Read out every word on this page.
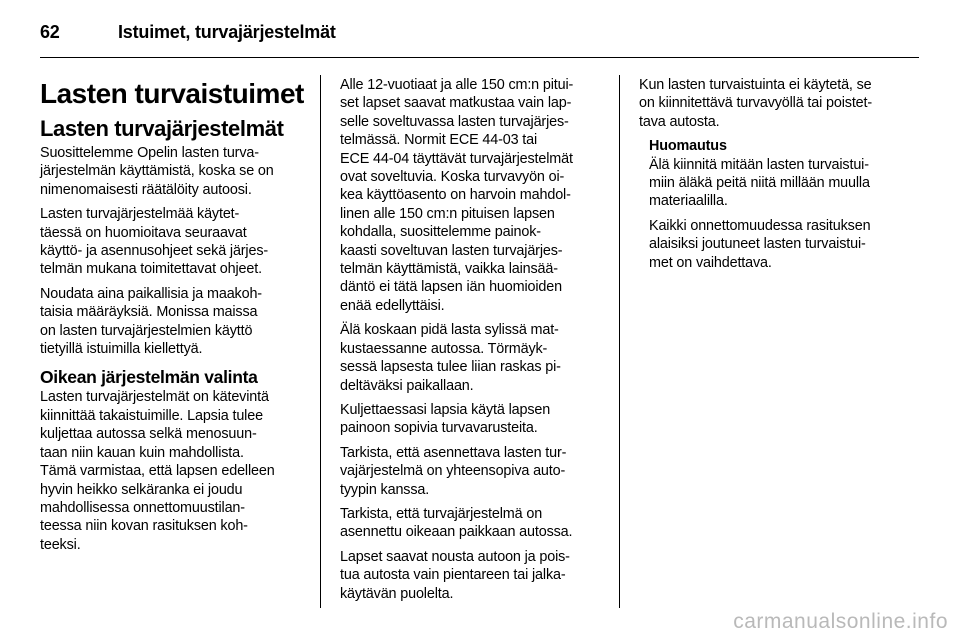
62	Istuimet, turvajärjestelmät
Lasten turvaistuimet
Lasten turvajärjestelmät

Suosittelemme Opelin lasten turva-
järjestelmän käyttämistä, koska se on
nimenomaisesti räätälöity autoosi.

Lasten turvajärjestelmää käytet-
täessä on huomioitava seuraavat
käyttö- ja asennusohjeet sekä järjes-
telmän mukana toimitettavat ohjeet.

Noudata aina paikallisia ja maakoh-
taisia määräyksiä. Monissa maissa
on lasten turvajärjestelmien käyttö
tietyillä istuimilla kiellettyä.

Oikean järjestelmän valinta

Lasten turvajärjestelmät on kätevintä
kiinnittää takaistuimille. Lapsia tulee
kuljettaa autossa selkä menosuun-
taan niin kauan kuin mahdollista.
Tämä varmistaa, että lapsen edelleen
hyvin heikko selkäranka ei joudu
mahdollisessa onnettomuustilan-
teessa niin kovan rasituksen koh-
teeksi.

Alle 12-vuotiaat ja alle 150 cm:n pitui-
set lapset saavat matkustaa vain lap-
selle soveltuvassa lasten turvajärjes-
telmässä. Normit ECE 44-03 tai
ECE 44-04 täyttävät turvajärjestelmät
ovat soveltuvia. Koska turvavyön oi-
kea käyttöasento on harvoin mahdol-
linen alle 150 cm:n pituisen lapsen
kohdalla, suosittelemme painok-
kaasti soveltuvan lasten turvajärjes-
telmän käyttämistä, vaikka lainsää-
däntö ei tätä lapsen iän huomioiden
enää edellyttäisi.

Älä koskaan pidä lasta sylissä mat-
kustaessanne autossa. Törmäyk-
sessä lapsesta tulee liian raskas pi-
deltäväksi paikallaan.

Kuljettaessasi lapsia käytä lapsen
painoon sopivia turvavarusteita.

Tarkista, että asennettava lasten tur-
vajärjestelmä on yhteensopiva auto-
tyypin kanssa.

Tarkista, että turvajärjestelmä on
asennettu oikeaan paikkaan autossa.

Lapset saavat nousta autoon ja pois-
tua autosta vain pientareen tai jalka-
käytävän puolelta.

Kun lasten turvaistuinta ei käytetä, se
on kiinnitettävä turvavyöllä tai poistet-
tava autosta.

Huomautus

Älä kiinnitä mitään lasten turvaistui-
miin äläkä peitä niitä millään muulla
materiaalilla.

Kaikki onnettomuudessa rasituksen
alaisiksi joutuneet lasten turvaistui-
met on vaihdettava.

carmanualsonline.info
